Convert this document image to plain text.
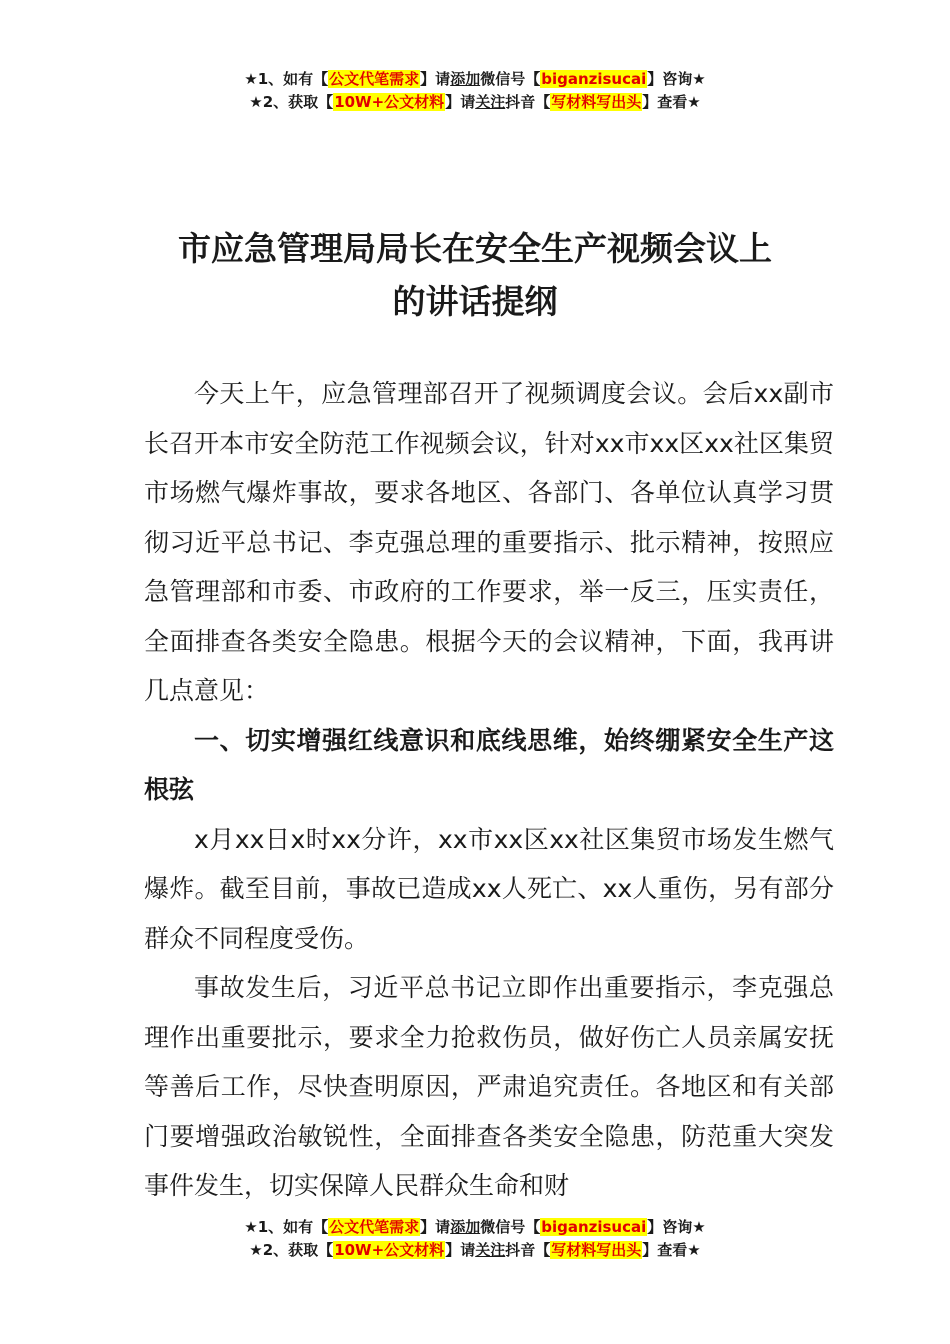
★1、如有【公文代笔需求】请添加微信号【biganzisucai】咨询★
★2、获取【10W+公文材料】请关注抖音【写材料写出头】查看★
市应急管理局局长在安全生产视频会议上
的讲话提纲

今天上午，应急管理部召开了视频调度会议。会后xx副市长召开本市安全防范工作视频会议，针对xx市xx区xx社区集贸市场燃气爆炸事故，要求各地区、各部门、各单位认真学习贯彻习近平总书记、李克强总理的重要指示、批示精神，按照应急管理部和市委、市政府的工作要求，举一反三，压实责任，全面排查各类安全隐患。根据今天的会议精神，下面，我再讲几点意见：

一、切实增强红线意识和底线思维，始终绷紧安全生产这根弦

x月xx日x时xx分许，xx市xx区xx社区集贸市场发生燃气爆炸。截至目前，事故已造成xx人死亡、xx人重伤，另有部分群众不同程度受伤。

事故发生后，习近平总书记立即作出重要指示，李克强总理作出重要批示，要求全力抢救伤员，做好伤亡人员亲属安抚等善后工作，尽快查明原因，严肃追究责任。各地区和有关部门要增强政治敏锐性，全面排查各类安全隐患，防范重大突发事件发生，切实保障人民群众生命和财

★1、如有【公文代笔需求】请添加微信号【biganzisucai】咨询★
★2、获取【10W+公文材料】请关注抖音【写材料写出头】查看★
